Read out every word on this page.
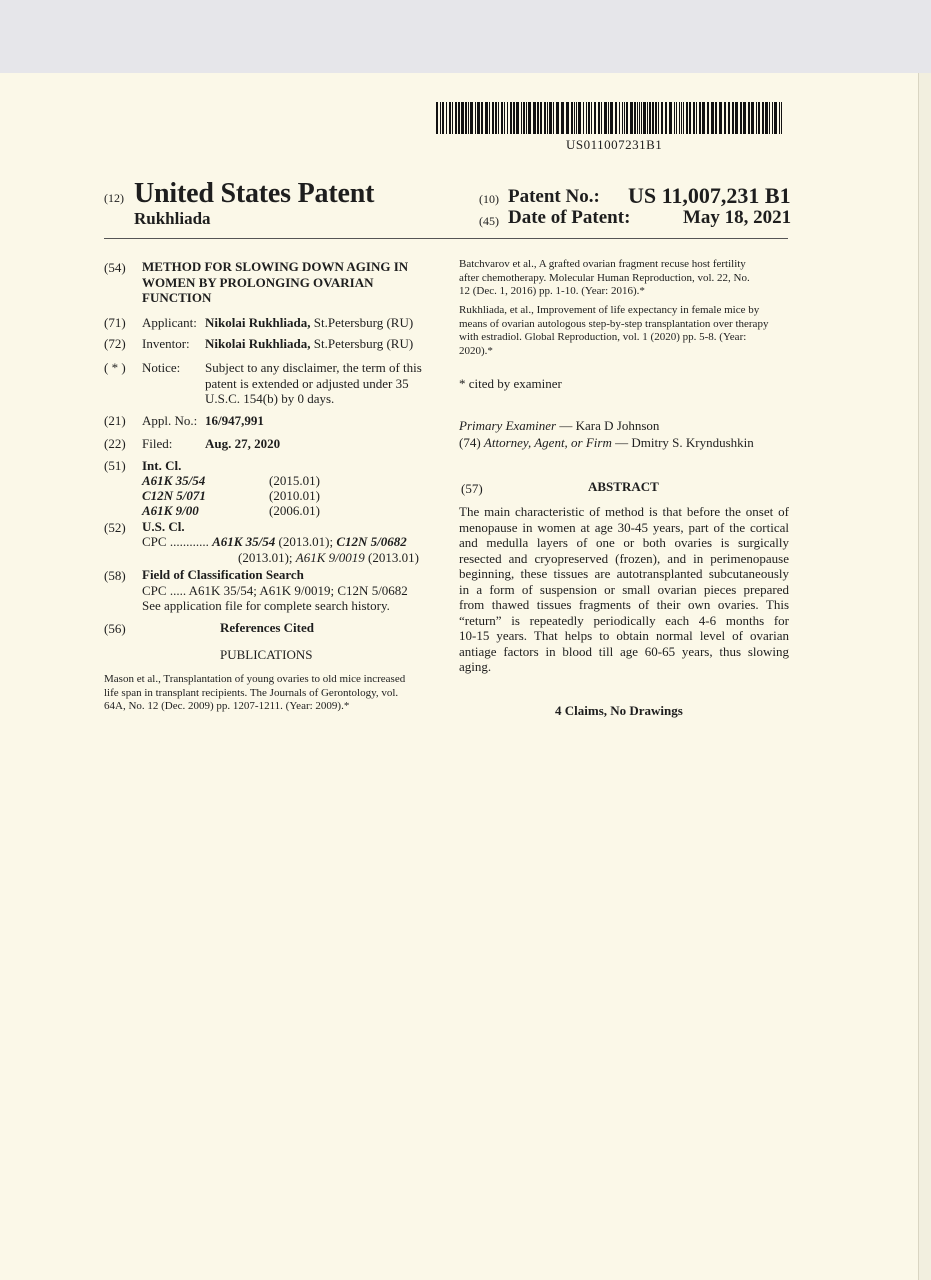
US011007231B1
(12) United States Patent
Rukhliada
(10) Patent No.: US 11,007,231 B1
(45) Date of Patent:	May 18, 2021
(54) METHOD FOR SLOWING DOWN AGING IN
WOMEN BY PROLONGING OVARIAN
FUNCTION
(71) Applicant: Nikolai Rukhliada, St.Petersburg (RU)
(72) Inventor: Nikolai Rukhliada, St.Petersburg (RU)
( * ) Notice: Subject to any disclaimer, the term of this
patent is extended or adjusted under 35
U.S.C. 154(b) by 0 days.
(21) Appl. No.: 16/947,991
(22) Filed:	Aug. 27, 2020
(51) Int. Cl.
A61K 35/54	(2015.01)
C12N 5/071	(2010.01)
A61K 9/00	(2006.01)
(52) U.S. Cl.
CPC ............ A61K 35/54 (2013.01); C12N 5/0682
(2013.01); A61K 9/0019 (2013.01)
(58) Field of Classification Search
CPC ..... A61K 35/54; A61K 9/0019; C12N 5/0682
See application file for complete search history.
(56)	References Cited
PUBLICATIONS
Mason et al., Transplantation of young ovaries to old mice increased
life span in transplant recipients. The Journals of Gerontology, vol.
64A, No. 12 (Dec. 2009) pp. 1207-1211. (Year: 2009).*
Batchvarov et al., A grafted ovarian fragment recuse host fertility
after chemotherapy. Molecular Human Reproduction, vol. 22, No.
12 (Dec. 1, 2016) pp. 1-10. (Year: 2016).*
Rukhliada, et al., Improvement of life expectancy in female mice by
means of ovarian autologous step-by-step transplantation over therapy
with estradiol. Global Reproduction, vol. 1 (2020) pp. 5-8. (Year:
2020).*
* cited by examiner
Primary Examiner — Kara D Johnson
(74) Attorney, Agent, or Firm — Dmitry S. Kryndushkin
(57)	ABSTRACT
The main characteristic of method is that before the onset of
menopause in women at age 30-45 years, part of the cortical
and medulla layers of one or both ovaries is surgically
resected and cryopreserved (frozen), and in perimenopause
beginning, these tissues are autotransplanted subcutaneously
in a form of suspension or small ovarian pieces prepared
from thawed tissues fragments of their own ovaries. This
“return” is repeatedly periodically each 4-6 months for
10-15 years. That helps to obtain normal level of ovarian
antiage factors in blood till age 60-65 years, thus slowing
aging.
4 Claims, No Drawings
